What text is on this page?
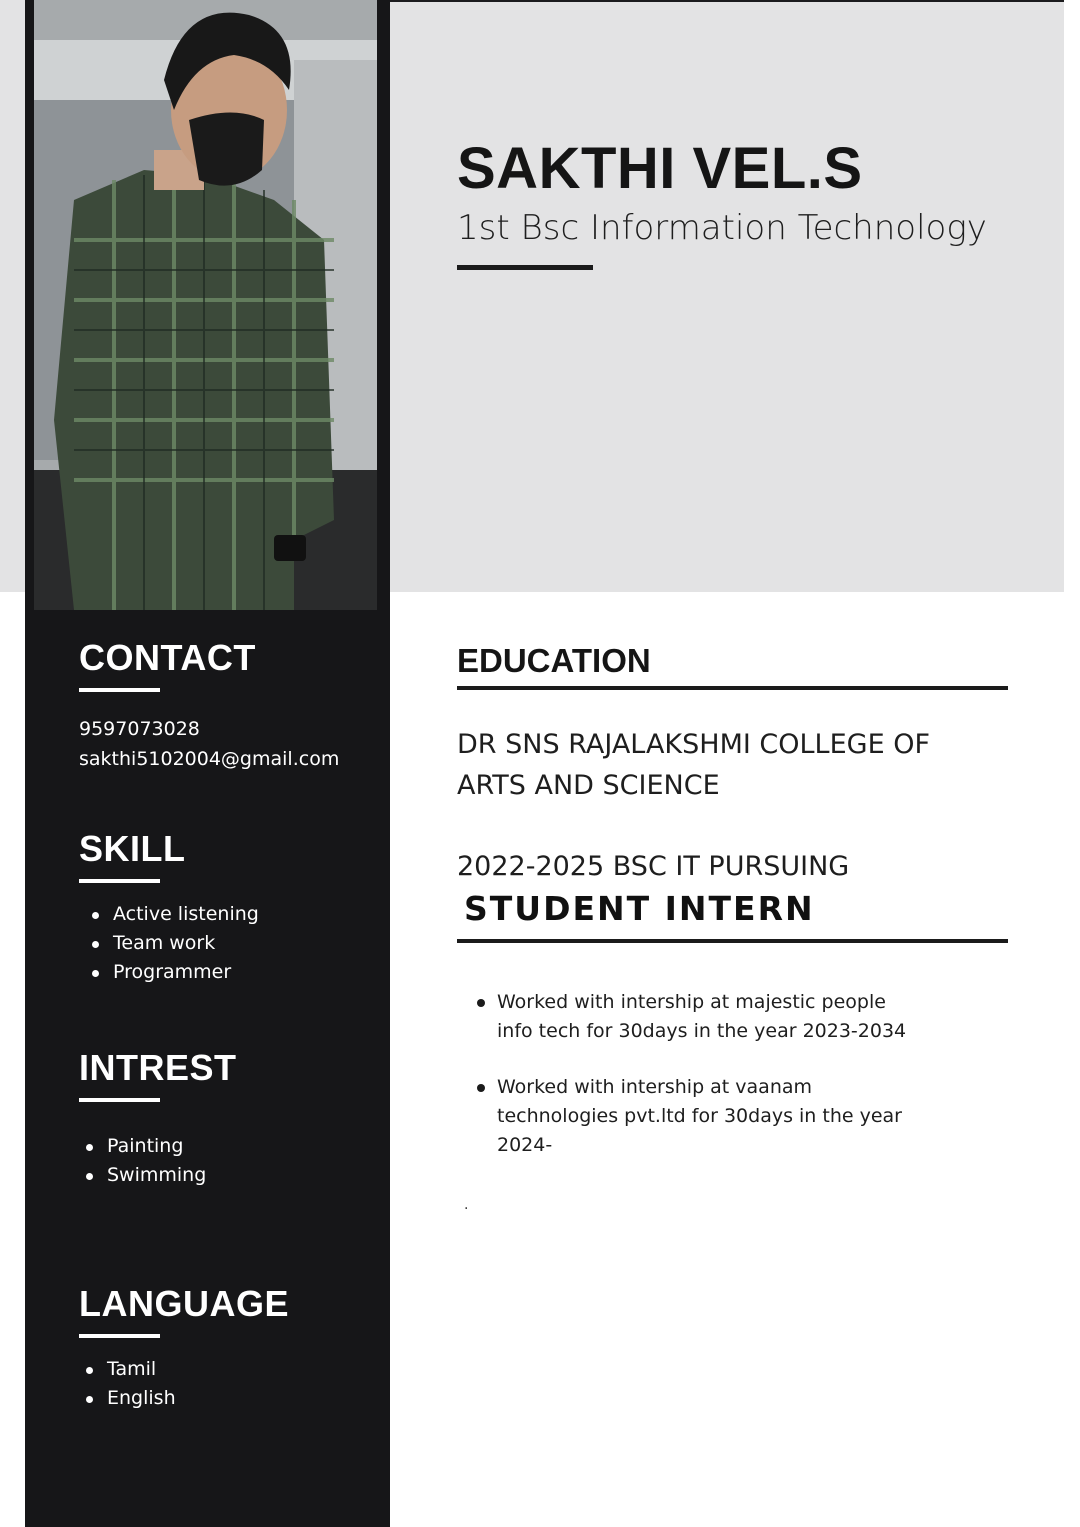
CONTACT
9597073028
sakthi5102004@gmail.com
SKILL
Active listening
Team work
Programmer
INTREST
Painting
Swimming
LANGUAGE
Tamil
English
SAKTHI VEL.S
1st Bsc Information Technology
EDUCATION
DR SNS RAJALAKSHMI COLLEGE OF
ARTS AND SCIENCE
2022-2025 BSC IT PURSUING
STUDENT INTERN
Worked with intership at majestic people info tech for 30days in the year 2023-2034
Worked with intership at vaanam technologies pvt.ltd for 30days in the year 2024-
.
